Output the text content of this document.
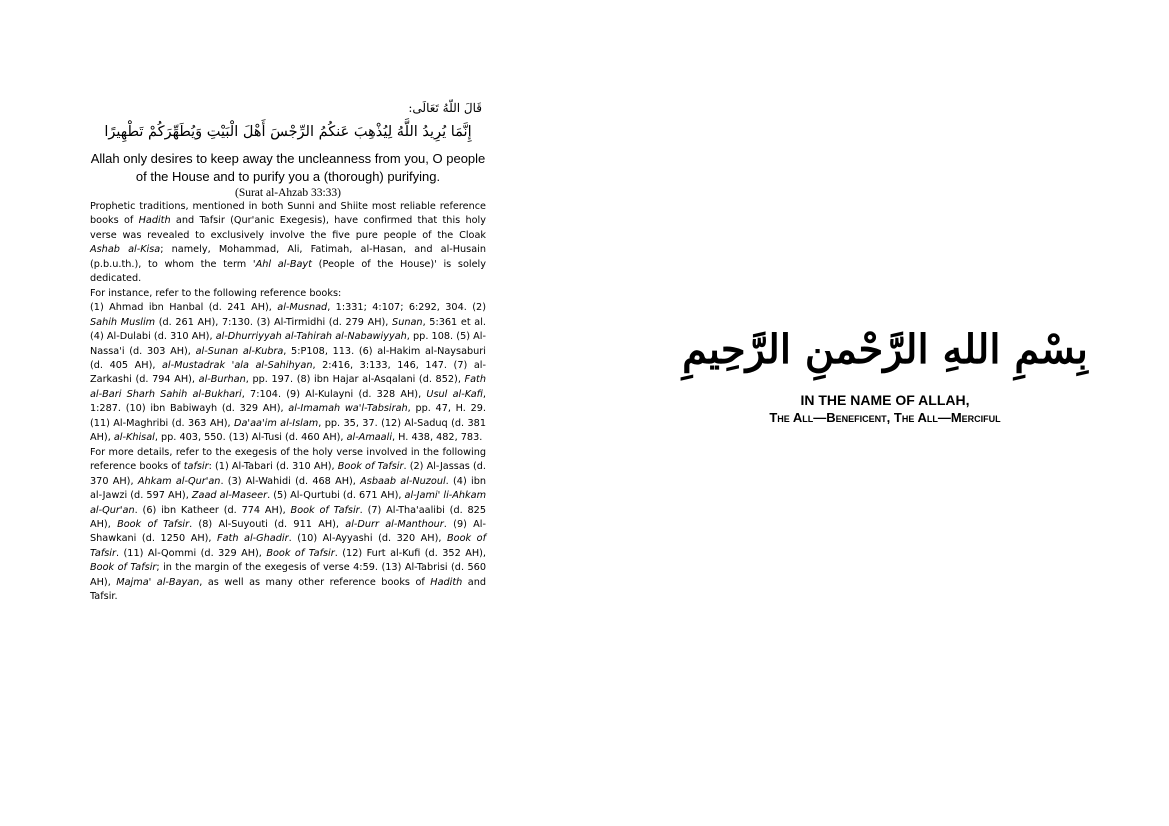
قَالَ اللّهُ تَعَالَى:
إِنَّمَا يُرِيدُ اللَّهُ لِيُذْهِبَ عَنكُمُ الرِّجْسَ أَهْلَ الْبَيْتِ وَيُطَهِّرَكُمْ تَطْهِيرًا
Allah only desires to keep away the uncleanness from you, O people of the House and to purify you a (thorough) purifying.
(Surat al-Ahzab 33:33)

Prophetic traditions, mentioned in both Sunni and Shiite most reliable reference books of Hadith and Tafsir (Qur'anic Exegesis), have confirmed that this holy verse was revealed to exclusively involve the five pure people of the Cloak Ashab al-Kisa; namely, Mohammad, Ali, Fatimah, al-Hasan, and al-Husain (p.b.u.th.), to whom the term 'Ahl al-Bayt (People of the House)' is solely dedicated.

For instance, refer to the following reference books:

(1) Ahmad ibn Hanbal (d. 241 AH), al-Musnad, 1:331; 4:107; 6:292, 304. (2) Sahih Muslim (d. 261 AH), 7:130. (3) Al-Tirmidhi (d. 279 AH), Sunan, 5:361 et al. (4) Al-Dulabi (d. 310 AH), al-Dhurriyyah al-Tahirah al-Nabawiyyah, pp. 108. (5) Al-Nassa'i (d. 303 AH), al-Sunan al-Kubra, 5:P108, 113. (6) al-Hakim al-Naysaburi (d. 405 AH), al-Mustadrak 'ala al-Sahihyan, 2:416, 3:133, 146, 147. (7) al-Zarkashi (d. 794 AH), al-Burhan, pp. 197. (8) ibn Hajar al-Asqalani (d. 852), Fath al-Bari Sharh Sahih al-Bukhari, 7:104. (9) Al-Kulayni (d. 328 AH), Usul al-Kafi, 1:287. (10) ibn Babiwayh (d. 329 AH), al-Imamah wa'l-Tabsirah, pp. 47, H. 29. (11) Al-Maghribi (d. 363 AH), Da'aa'im al-Islam, pp. 35, 37. (12) Al-Saduq (d. 381 AH), al-Khisal, pp. 403, 550. (13) Al-Tusi (d. 460 AH), al-Amaali, H. 438, 482, 783.

For more details, refer to the exegesis of the holy verse involved in the following reference books of tafsir: (1) Al-Tabari (d. 310 AH), Book of Tafsir. (2) Al-Jassas (d. 370 AH), Ahkam al-Qur'an. (3) Al-Wahidi (d. 468 AH), Asbaab al-Nuzoul. (4) ibn al-Jawzi (d. 597 AH), Zaad al-Maseer. (5) Al-Qurtubi (d. 671 AH), al-Jami' li-Ahkam al-Qur'an. (6) ibn Katheer (d. 774 AH), Book of Tafsir. (7) Al-Tha'aalibi (d. 825 AH), Book of Tafsir. (8) Al-Suyouti (d. 911 AH), al-Durr al-Manthour. (9) Al-Shawkani (d. 1250 AH), Fath al-Ghadir. (10) Al-Ayyashi (d. 320 AH), Book of Tafsir. (11) Al-Qommi (d. 329 AH), Book of Tafsir. (12) Furt al-Kufi (d. 352 AH), Book of Tafsir; in the margin of the exegesis of verse 4:59. (13) Al-Tabrisi (d. 560 AH), Majma' al-Bayan, as well as many other reference books of Hadith and Tafsir.

بِسْمِ اللهِ الرَّحْمنِ الرَّحِيمِ
IN THE NAME OF ALLAH,
The All—Beneficent, The All—Merciful
